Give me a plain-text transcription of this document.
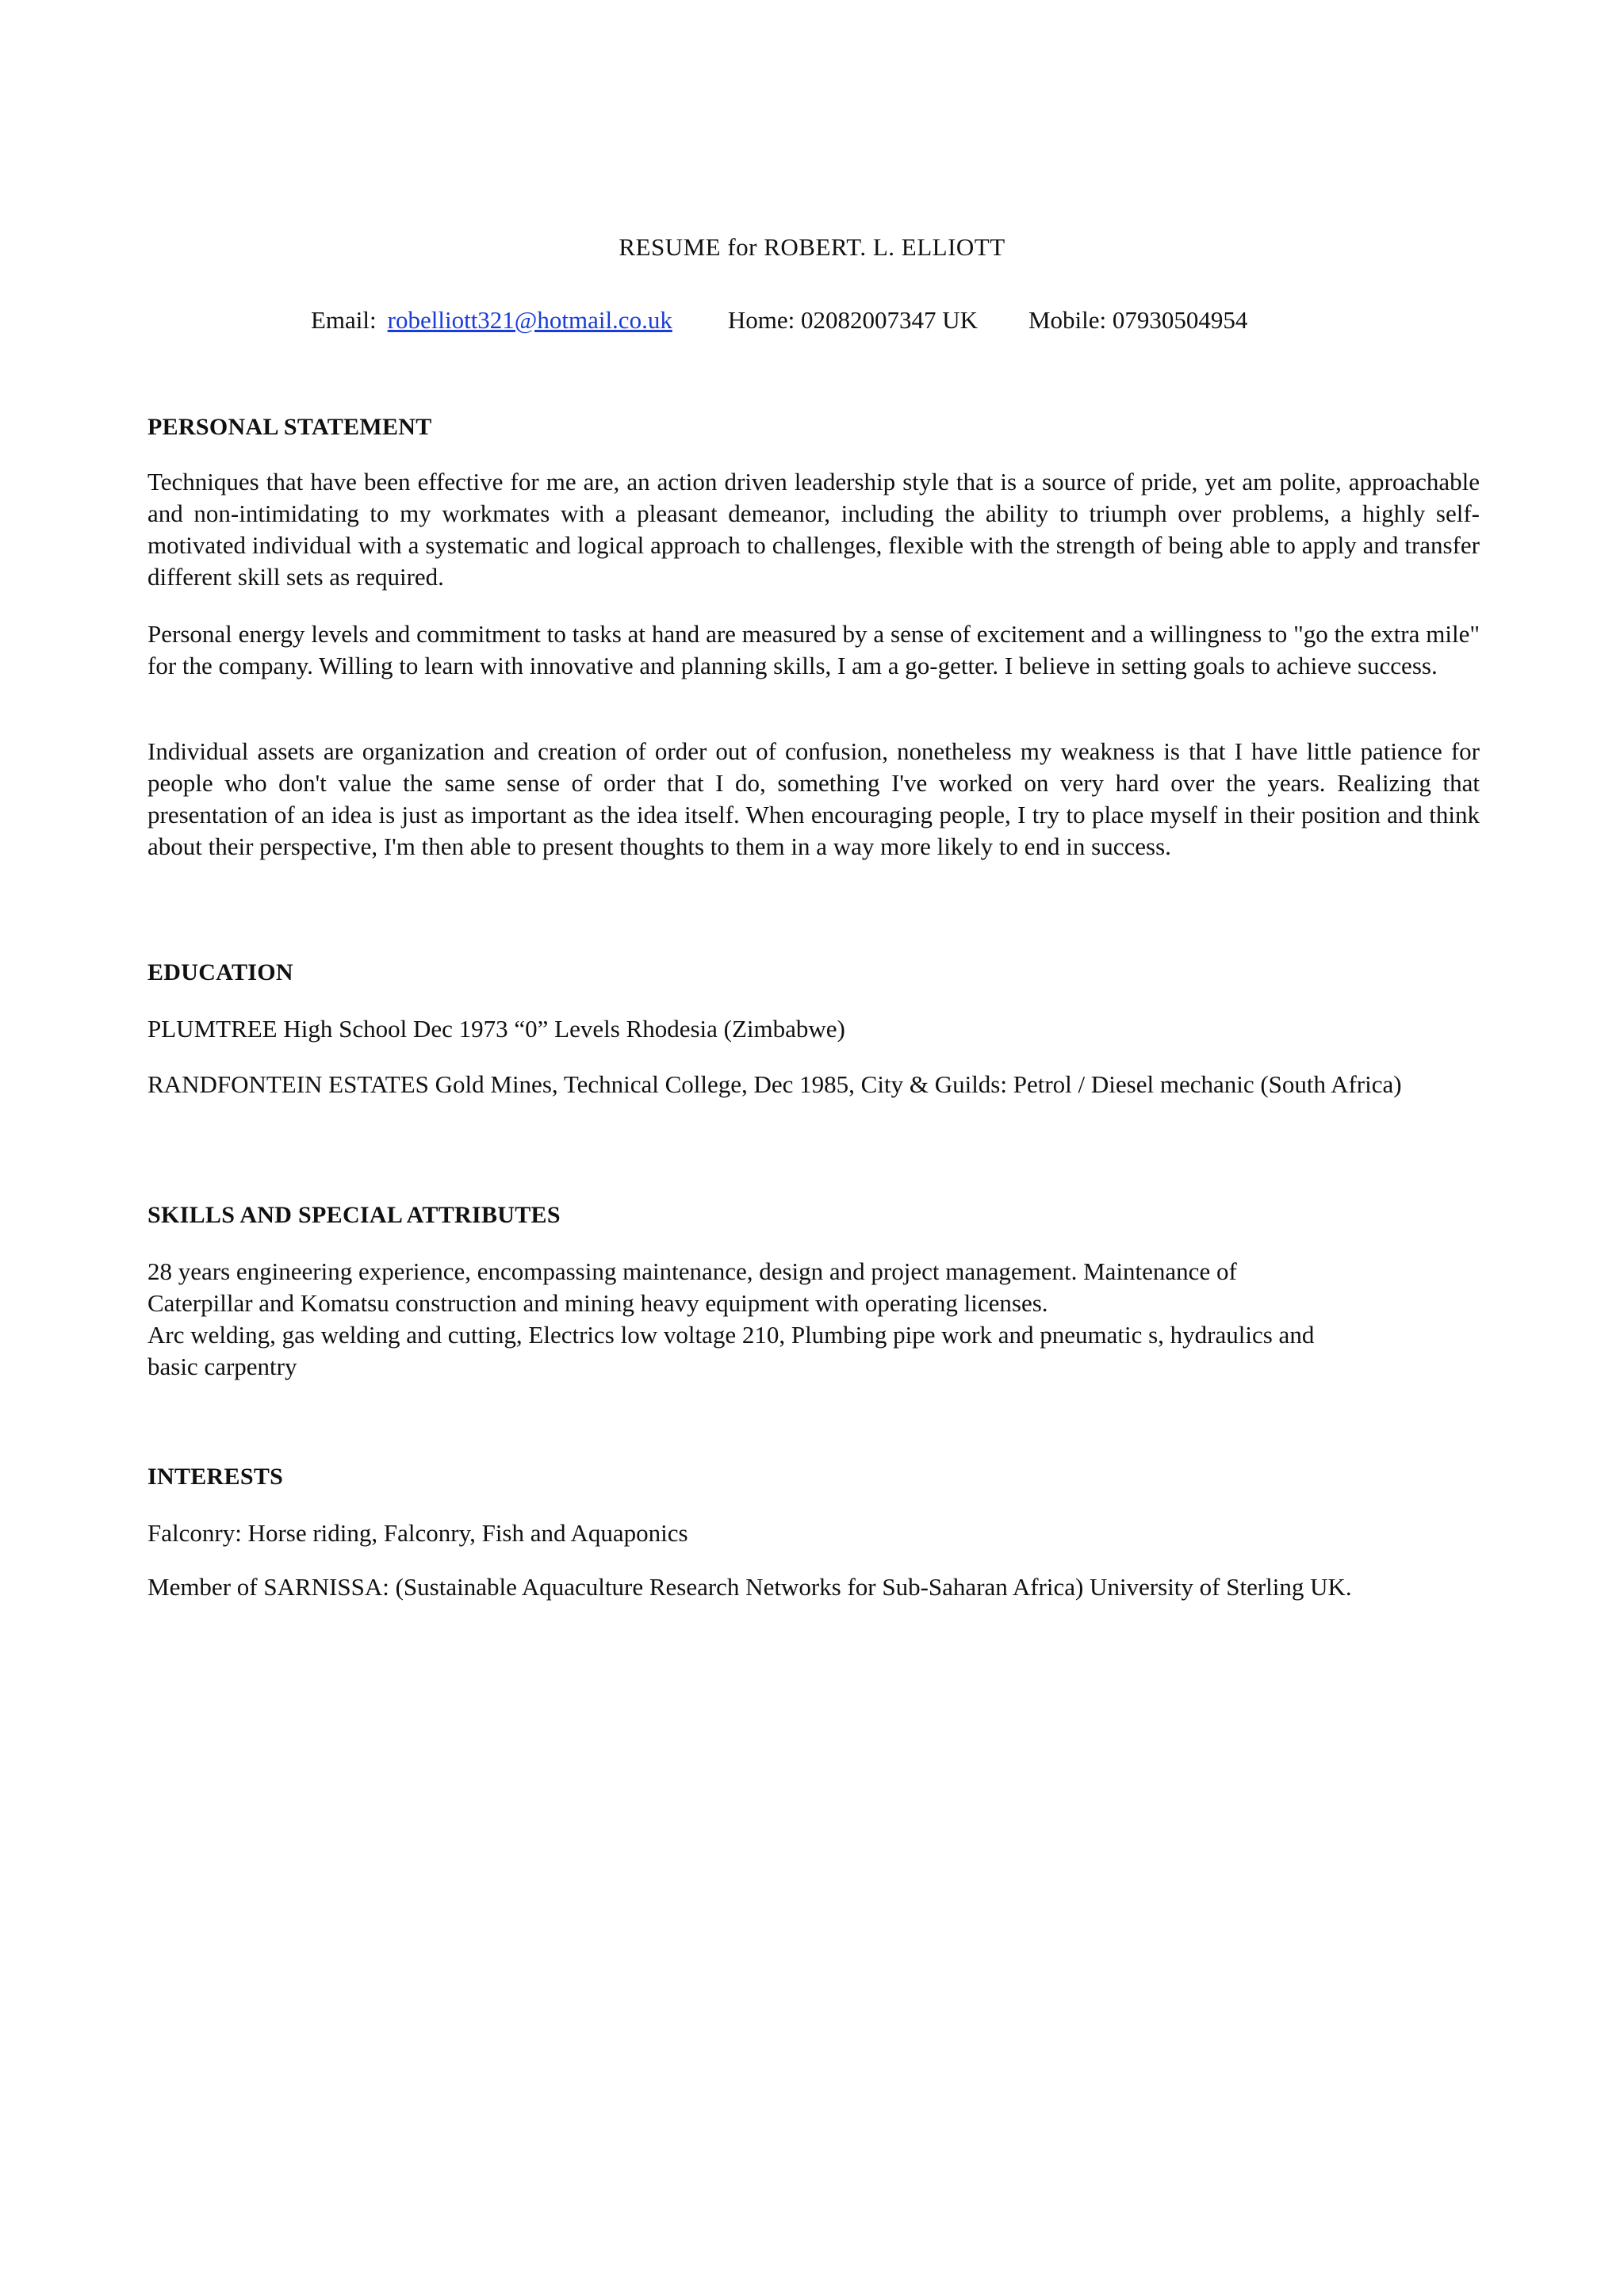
RESUME for ROBERT. L. ELLIOTT

Email: robelliott321@hotmail.co.uk Home: 02082007347 UK Mobile: 07930504954

PERSONAL STATEMENT

Techniques that have been effective for me are, an action driven leadership style that is a source of pride, yet am polite, approachable and non-intimidating to my workmates with a pleasant demeanor, including the ability to triumph over problems, a highly self-motivated individual with a systematic and logical approach to challenges, flexible with the strength of being able to apply and transfer different skill sets as required.

Personal energy levels and commitment to tasks at hand are measured by a sense of excitement and a willingness to "go the extra mile" for the company. Willing to learn with innovative and planning skills, I am a go-getter. I believe in setting goals to achieve success.

Individual assets are organization and creation of order out of confusion, nonetheless my weakness is that I have little patience for people who don't value the same sense of order that I do, something I've worked on very hard over the years. Realizing that presentation of an idea is just as important as the idea itself. When encouraging people, I try to place myself in their position and think about their perspective, I'm then able to present thoughts to them in a way more likely to end in success.

EDUCATION

PLUMTREE High School Dec 1973 “0” Levels Rhodesia (Zimbabwe)

RANDFONTEIN ESTATES Gold Mines, Technical College, Dec 1985, City & Guilds: Petrol / Diesel mechanic (South Africa)

SKILLS AND SPECIAL ATTRIBUTES

28 years engineering experience, encompassing maintenance, design and project management. Maintenance of

Caterpillar and Komatsu construction and mining heavy equipment with operating licenses.

Arc welding, gas welding and cutting, Electrics low voltage 210, Plumbing pipe work and pneumatic s, hydraulics and

basic carpentry

INTERESTS

Falconry: Horse riding, Falconry, Fish and Aquaponics

Member of SARNISSA: (Sustainable Aquaculture Research Networks for Sub-Saharan Africa) University of Sterling UK.
